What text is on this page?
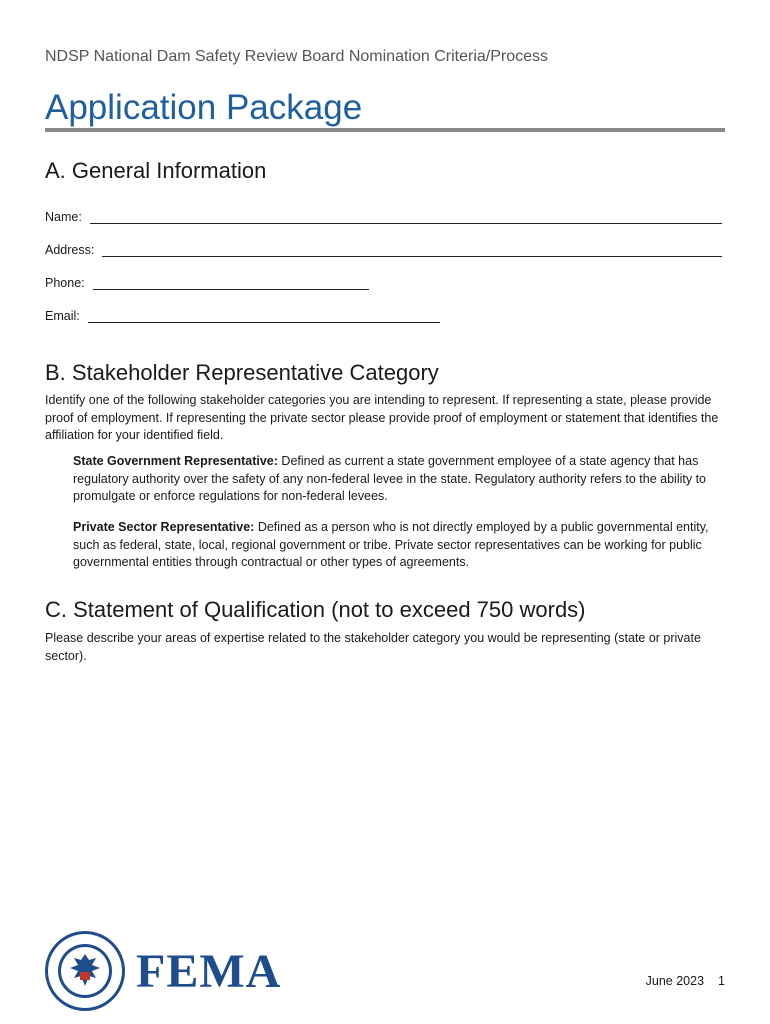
NDSP National Dam Safety Review Board Nomination Criteria/Process
Application Package
A. General Information
Name:
Address:
Phone:
Email:
B. Stakeholder Representative Category
Identify one of the following stakeholder categories you are intending to represent. If representing a state, please provide proof of employment. If representing the private sector please provide proof of employment or statement that identifies the affiliation for your identified field.
State Government Representative: Defined as current a state government employee of a state agency that has regulatory authority over the safety of any non-federal levee in the state. Regulatory authority refers to the ability to promulgate or enforce regulations for non-federal levees.
Private Sector Representative: Defined as a person who is not directly employed by a public governmental entity, such as federal, state, local, regional government or tribe. Private sector representatives can be working for public governmental entities through contractual or other types of agreements.
C. Statement of Qualification (not to exceed 750 words)
Please describe your areas of expertise related to the stakeholder category you would be representing (state or private sector).
FEMA	June 2023 1
